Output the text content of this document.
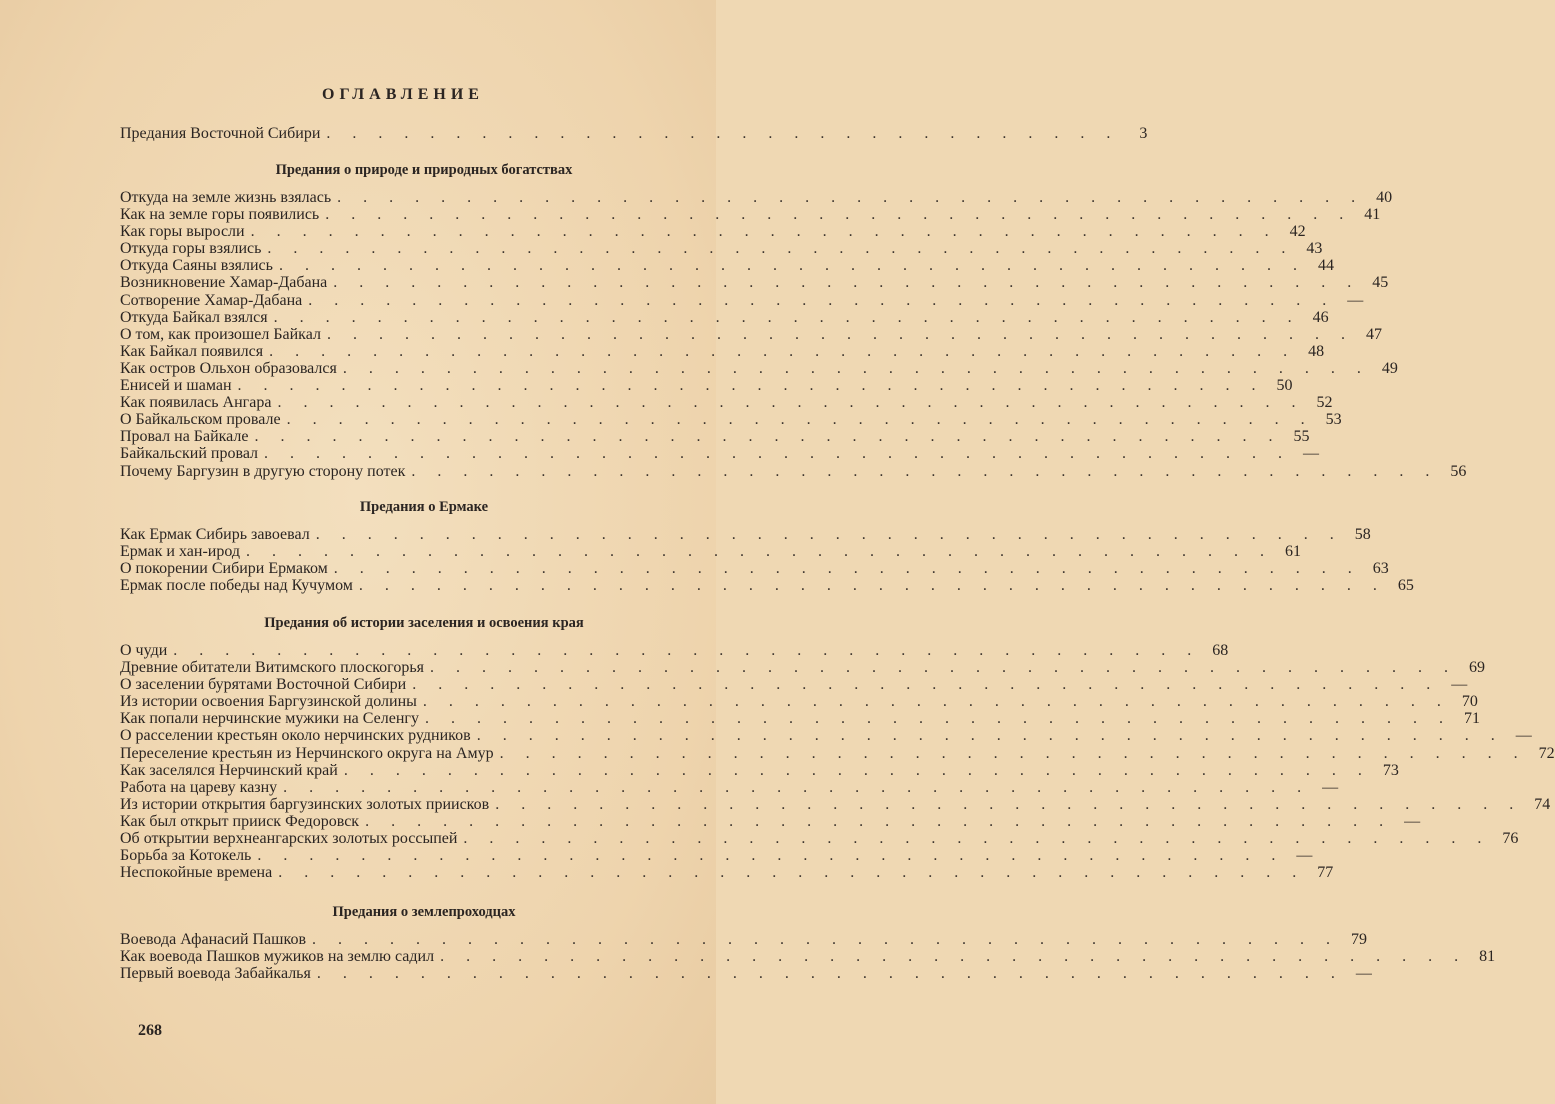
ОГЛАВЛЕНИЕ
Предания Восточной Сибири . . . . . . . . . . . . . . . . . . . . . . . . . . . . . . .	3
Предания о природе и природных богатствах
Откуда на земле жизнь взялась . . . . . . . . . . . . . . . . . . . . . . . . . . . . . . . . . . . . . . . . 40
Как на земле горы появились . . . . . . . . . . . . . . . . . . . . . . . . . . . . . . . . . . . . . . . . 41
Как горы выросли . . . . . . . . . . . . . . . . . . . . . . . . . . . . . . . . . . . . . . . . 42
Откуда горы взялись . . . . . . . . . . . . . . . . . . . . . . . . . . . . . . . . . . . . . . . . 43
Откуда Саяны взялись . . . . . . . . . . . . . . . . . . . . . . . . . . . . . . . . . . . . . . . . 44
Возникновение Хамар-Дабана . . . . . . . . . . . . . . . . . . . . . . . . . . . . . . . . . . . . . . . . 45
Сотворение Хамар-Дабана . . . . . . . . . . . . . . . . . . . . . . . . . . . . . . . . . . . . . . . . —
Откуда Байкал взялся . . . . . . . . . . . . . . . . . . . . . . . . . . . . . . . . . . . . . . . . 46
О том, как произошел Байкал . . . . . . . . . . . . . . . . . . . . . . . . . . . . . . . . . . . . . . . . 47
Как Байкал появился . . . . . . . . . . . . . . . . . . . . . . . . . . . . . . . . . . . . . . . . 48
Как остров Ольхон образовался . . . . . . . . . . . . . . . . . . . . . . . . . . . . . . . . . . . . . . . . 49
Енисей и шаман . . . . . . . . . . . . . . . . . . . . . . . . . . . . . . . . . . . . . . . . 50
Как появилась Ангара . . . . . . . . . . . . . . . . . . . . . . . . . . . . . . . . . . . . . . . . 52
О Байкальском провале . . . . . . . . . . . . . . . . . . . . . . . . . . . . . . . . . . . . . . . . 53
Провал на Байкале . . . . . . . . . . . . . . . . . . . . . . . . . . . . . . . . . . . . . . . . 55
Байкальский провал . . . . . . . . . . . . . . . . . . . . . . . . . . . . . . . . . . . . . . . . —
Почему Баргузин в другую сторону потек . . . . . . . . . . . . . . . . . . . . . . . . . . . . . . . . . . . . . . . . 56
Предания о Ермаке
Как Ермак Сибирь завоевал . . . . . . . . . . . . . . . . . . . . . . . . . . . . . . . . . . . . . . . . 58
Ермак и хан-ирод . . . . . . . . . . . . . . . . . . . . . . . . . . . . . . . . . . . . . . . . 61
О покорении Сибири Ермаком . . . . . . . . . . . . . . . . . . . . . . . . . . . . . . . . . . . . . . . . 63
Ермак после победы над Кучумом . . . . . . . . . . . . . . . . . . . . . . . . . . . . . . . . . . . . . . . . 65
Предания об истории заселения и освоения края
О чуди . . . . . . . . . . . . . . . . . . . . . . . . . . . . . . . . . . . . . . . . 68
Древние обитатели Витимского плоскогорья . . . . . . . . . . . . . . . . . . . . . . . . . . . . . . . . . . . . . . . . 69
О заселении бурятами Восточной Сибири . . . . . . . . . . . . . . . . . . . . . . . . . . . . . . . . . . . . . . . . —
Из истории освоения Баргузинской долины . . . . . . . . . . . . . . . . . . . . . . . . . . . . . . . . . . . . . . . . 70
Как попали нерчинские мужики на Селенгу . . . . . . . . . . . . . . . . . . . . . . . . . . . . . . . . . . . . . . . . 71
О расселении крестьян около нерчинских рудников . . . . . . . . . . . . . . . . . . . . . . . . . . . . . . . . . . . . . . . . —
Переселение крестьян из Нерчинского округа на Амур . . . . . . . . . . . . . . . . . . . . . . . . . . . . . . . . . . . . . . . . 72
Как заселялся Нерчинский край . . . . . . . . . . . . . . . . . . . . . . . . . . . . . . . . . . . . . . . . 73
Работа на цареву казну . . . . . . . . . . . . . . . . . . . . . . . . . . . . . . . . . . . . . . . . —
Из истории открытия баргузинских золотых приисков . . . . . . . . . . . . . . . . . . . . . . . . . . . . . . . . . . . . . . . . 74
Как был открыт прииск Федоровск . . . . . . . . . . . . . . . . . . . . . . . . . . . . . . . . . . . . . . . . —
Об открытии верхнеангарских золотых россыпей . . . . . . . . . . . . . . . . . . . . . . . . . . . . . . . . . . . . . . . . 76
Борьба за Котокель . . . . . . . . . . . . . . . . . . . . . . . . . . . . . . . . . . . . . . . . —
Неспокойные времена . . . . . . . . . . . . . . . . . . . . . . . . . . . . . . . . . . . . . . . . 77
Предания о землепроходцах
Воевода Афанасий Пашков . . . . . . . . . . . . . . . . . . . . . . . . . . . . . . . . . . . . . . . . 79
Как воевода Пашков мужиков на землю садил . . . . . . . . . . . . . . . . . . . . . . . . . . . . . . . . . . . . . . . . 81
Первый воевода Забайкалья . . . . . . . . . . . . . . . . . . . . . . . . . . . . . . . . . . . . . . . . —
268
